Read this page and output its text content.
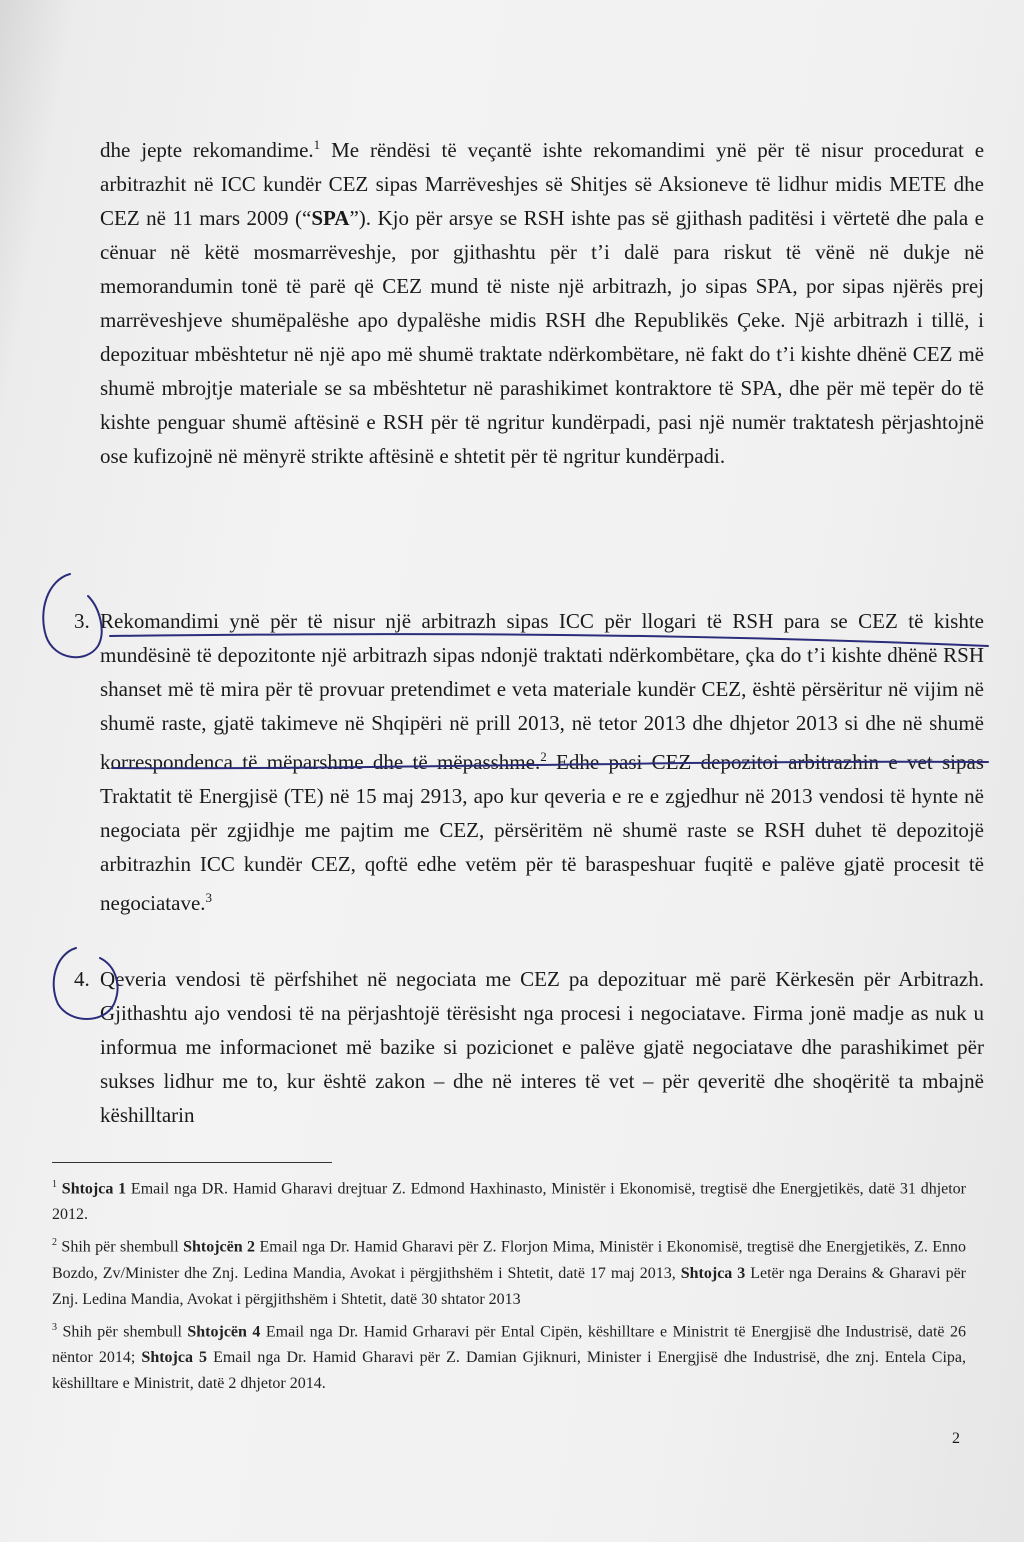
dhe jepte rekomandime.$^1$ Me rëndësi të veçantë ishte rekomandimi ynë për të nisur procedurat e arbitrazhit në ICC kundër CEZ sipas Marrëveshjes së Shitjes së Aksioneve të lidhur midis METE dhe CEZ në 11 mars 2009 (“SPA”). Kjo për arsye se RSH ishte pas së gjithash paditësi i vërtetë dhe pala e cënuar në këtë mosmarrëveshje, por gjithashtu për t’i dalë para riskut të vënë në dukje në memorandumin tonë të parë që CEZ mund të niste një arbitrazh, jo sipas SPA, por sipas njërës prej marrëveshjeve shumëpalëshe apo dypalëshe midis RSH dhe Republikës Çeke. Një arbitrazh i tillë, i depozituar mbështetur në një apo më shumë traktate ndërkombëtare, në fakt do t’i kishte dhënë CEZ më shumë mbrojtje materiale se sa mbështetur në parashikimet kontraktore të SPA, dhe për më tepër do të kishte penguar shumë aftësinë e RSH për të ngritur kundërpadi, pasi një numër traktatesh përjashtojnë ose kufizojnë në mënyrë strikte aftësinë e shtetit për të ngritur kundërpadi.

3. Rekomandimi ynë për të nisur një arbitrazh sipas ICC për llogari të RSH para se CEZ të kishte mundësinë të depozitonte një arbitrazh sipas ndonjë traktati ndërkombëtare, çka do t’i kishte dhënë RSH shanset më të mira për të provuar pretendimet e veta materiale kundër CEZ, është përsëritur në vijim në shumë raste, gjatë takimeve në Shqipëri në prill 2013, në tetor 2013 dhe dhjetor 2013 si dhe në shumë korrespondenca të mëparshme dhe të mëpasshme.$^2$ Edhe pasi CEZ depozitoi arbitrazhin e vet sipas Traktatit të Energjisë (TE) në 15 maj 2913, apo kur qeveria e re e zgjedhur në 2013 vendosi të hynte në negociata për zgjidhje me pajtim me CEZ, përsëritëm në shumë raste se RSH duhet të depozitojë arbitrazhin ICC kundër CEZ, qoftë edhe vetëm për të baraspeshuar fuqitë e palëve gjatë procesit të negociatave.$^3$

4. Qeveria vendosi të përfshihet në negociata me CEZ pa depozituar më parë Kërkesën për Arbitrazh. Gjithashtu ajo vendosi të na përjashtojë tërësisht nga procesi i negociatave. Firma jonë madje as nuk u informua me informacionet më bazike si pozicionet e palëve gjatë negociatave dhe parashikimet për sukses lidhur me to, kur është zakon – dhe në interes të vet – për qeveritë dhe shoqëritë ta mbajnë këshilltarin

$^1$ Shtojca 1 Email nga DR. Hamid Gharavi drejtuar Z. Edmond Haxhinasto, Ministër i Ekonomisë, tregtisë dhe Energjetikës, datë 31 dhjetor 2012.

$^2$ Shih për shembull Shtojcën 2 Email nga Dr. Hamid Gharavi për Z. Florjon Mima, Ministër i Ekonomisë, tregtisë dhe Energjetikës, Z. Enno Bozdo, Zv/Minister dhe Znj. Ledina Mandia, Avokat i përgjithshëm i Shtetit, datë 17 maj 2013, Shtojca 3 Letër nga Derains & Gharavi për Znj. Ledina Mandia, Avokat i përgjithshëm i Shtetit, datë 30 shtator 2013

$^3$ Shih për shembull Shtojcën 4 Email nga Dr. Hamid Grharavi për Ental Cipën, këshilltare e Ministrit të Energjisë dhe Industrisë, datë 26 nëntor 2014; Shtojca 5 Email nga Dr. Hamid Gharavi për Z. Damian Gjiknuri, Minister i Energjisë dhe Industrisë, dhe znj. Entela Cipa, këshilltare e Ministrit, datë 2 dhjetor 2014.

2
